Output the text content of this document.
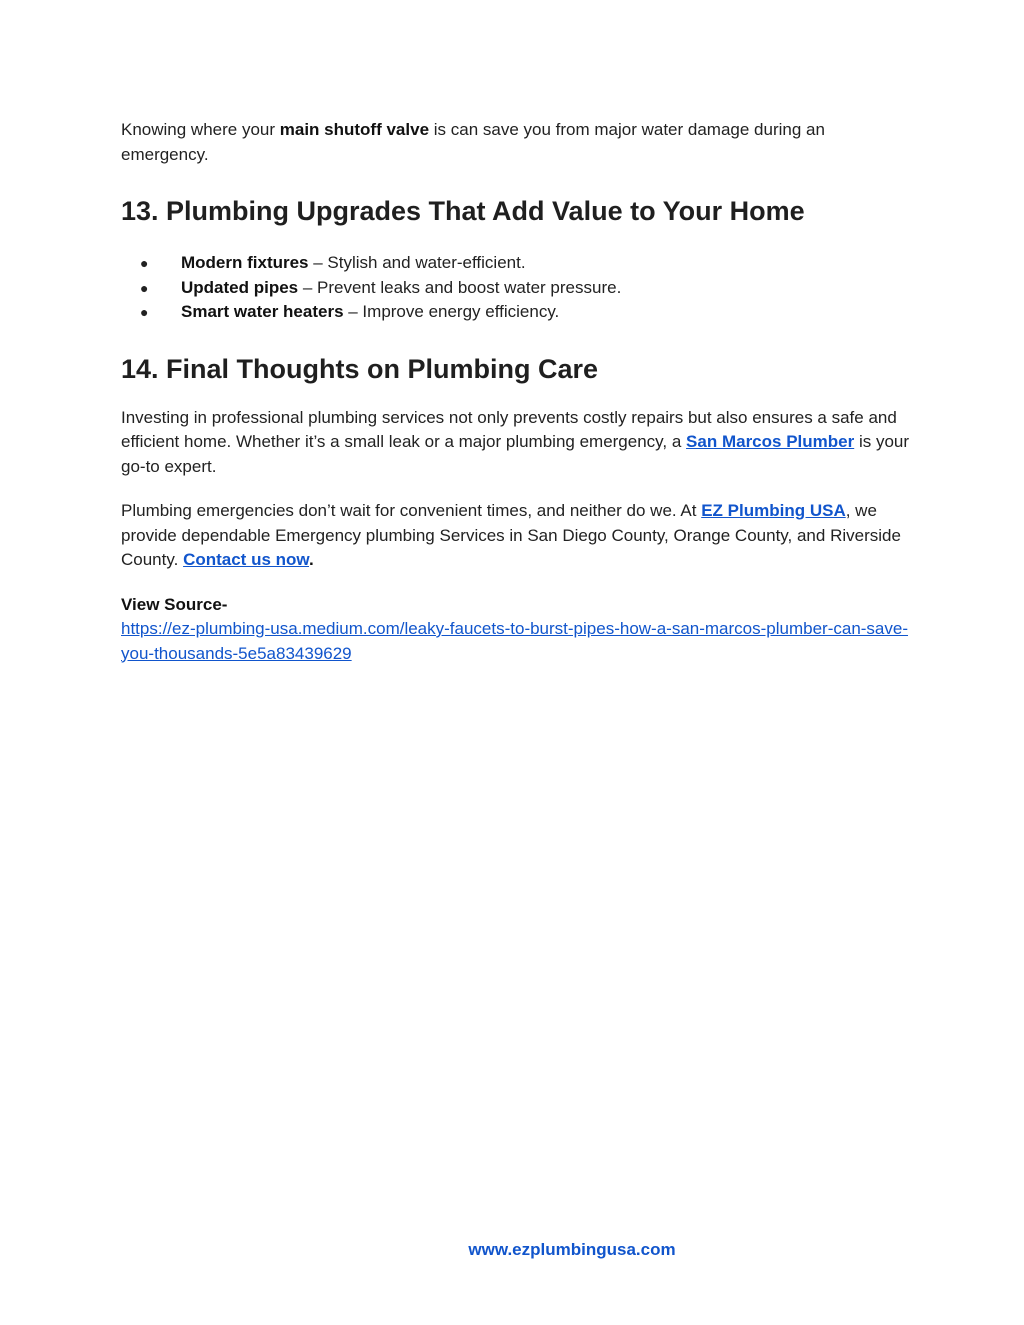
Knowing where your main shutoff valve is can save you from major water damage during an emergency.

13. Plumbing Upgrades That Add Value to Your Home
● Modern fixtures – Stylish and water-efficient.
● Updated pipes – Prevent leaks and boost water pressure.
● Smart water heaters – Improve energy efficiency.
14. Final Thoughts on Plumbing Care

Investing in professional plumbing services not only prevents costly repairs but also ensures a safe and efficient home. Whether it’s a small leak or a major plumbing emergency, a San Marcos Plumber is your go-to expert.

Plumbing emergencies don’t wait for convenient times, and neither do we. At EZ Plumbing USA, we provide dependable Emergency plumbing Services in San Diego County, Orange County, and Riverside County. Contact us now.

View Source-
https://ez-plumbing-usa.medium.com/leaky-faucets-to-burst-pipes-how-a-san-marcos-plumber-can-save-you-thousands-5e5a83439629

www.ezplumbingusa.com
